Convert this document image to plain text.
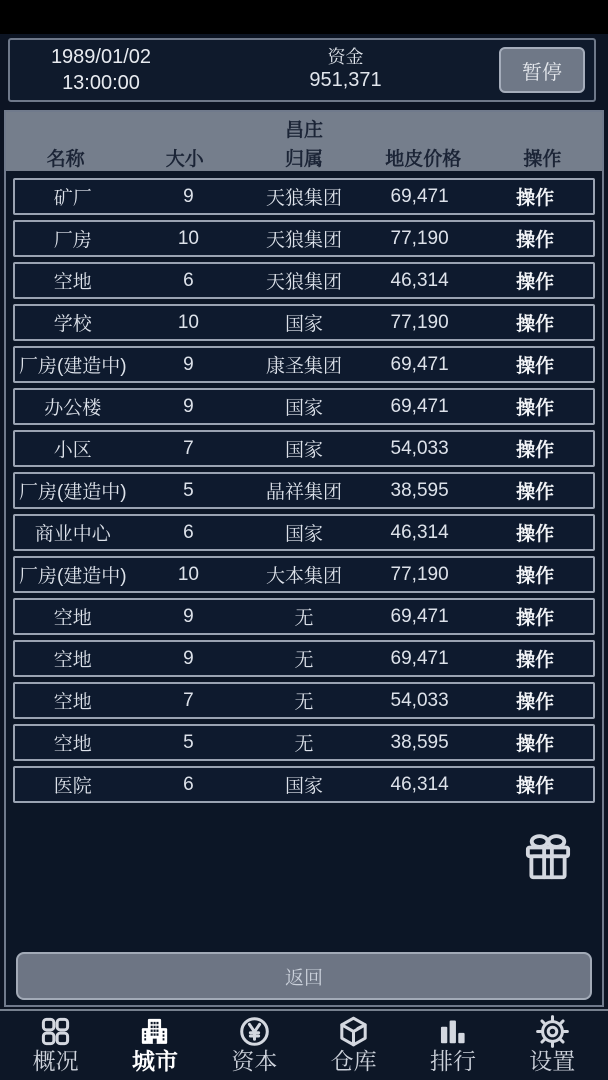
1989/01/02
13:00:00
资金
951,371	暂停
昌庄
名称	大小	归属	地皮价格	操作
矿厂	9	天狼集团	69,471	操作
厂房	10	天狼集团	77,190	操作
空地	6	天狼集团	46,314	操作
学校	10	国家	77,190	操作
厂房(建造中)	9	康圣集团	69,471	操作
办公楼	9	国家	69,471	操作
小区	7	国家	54,033	操作
厂房(建造中)	5	晶祥集团	38,595	操作
商业中心	6	国家	46,314	操作
厂房(建造中)	10	大本集团	77,190	操作
空地	9	无	69,471	操作
空地	9	无	69,471	操作
空地	7	无	54,033	操作
空地	5	无	38,595	操作
医院	6	国家	46,314	操作
返回
概况 城市 资本 仓库 排行 设置
